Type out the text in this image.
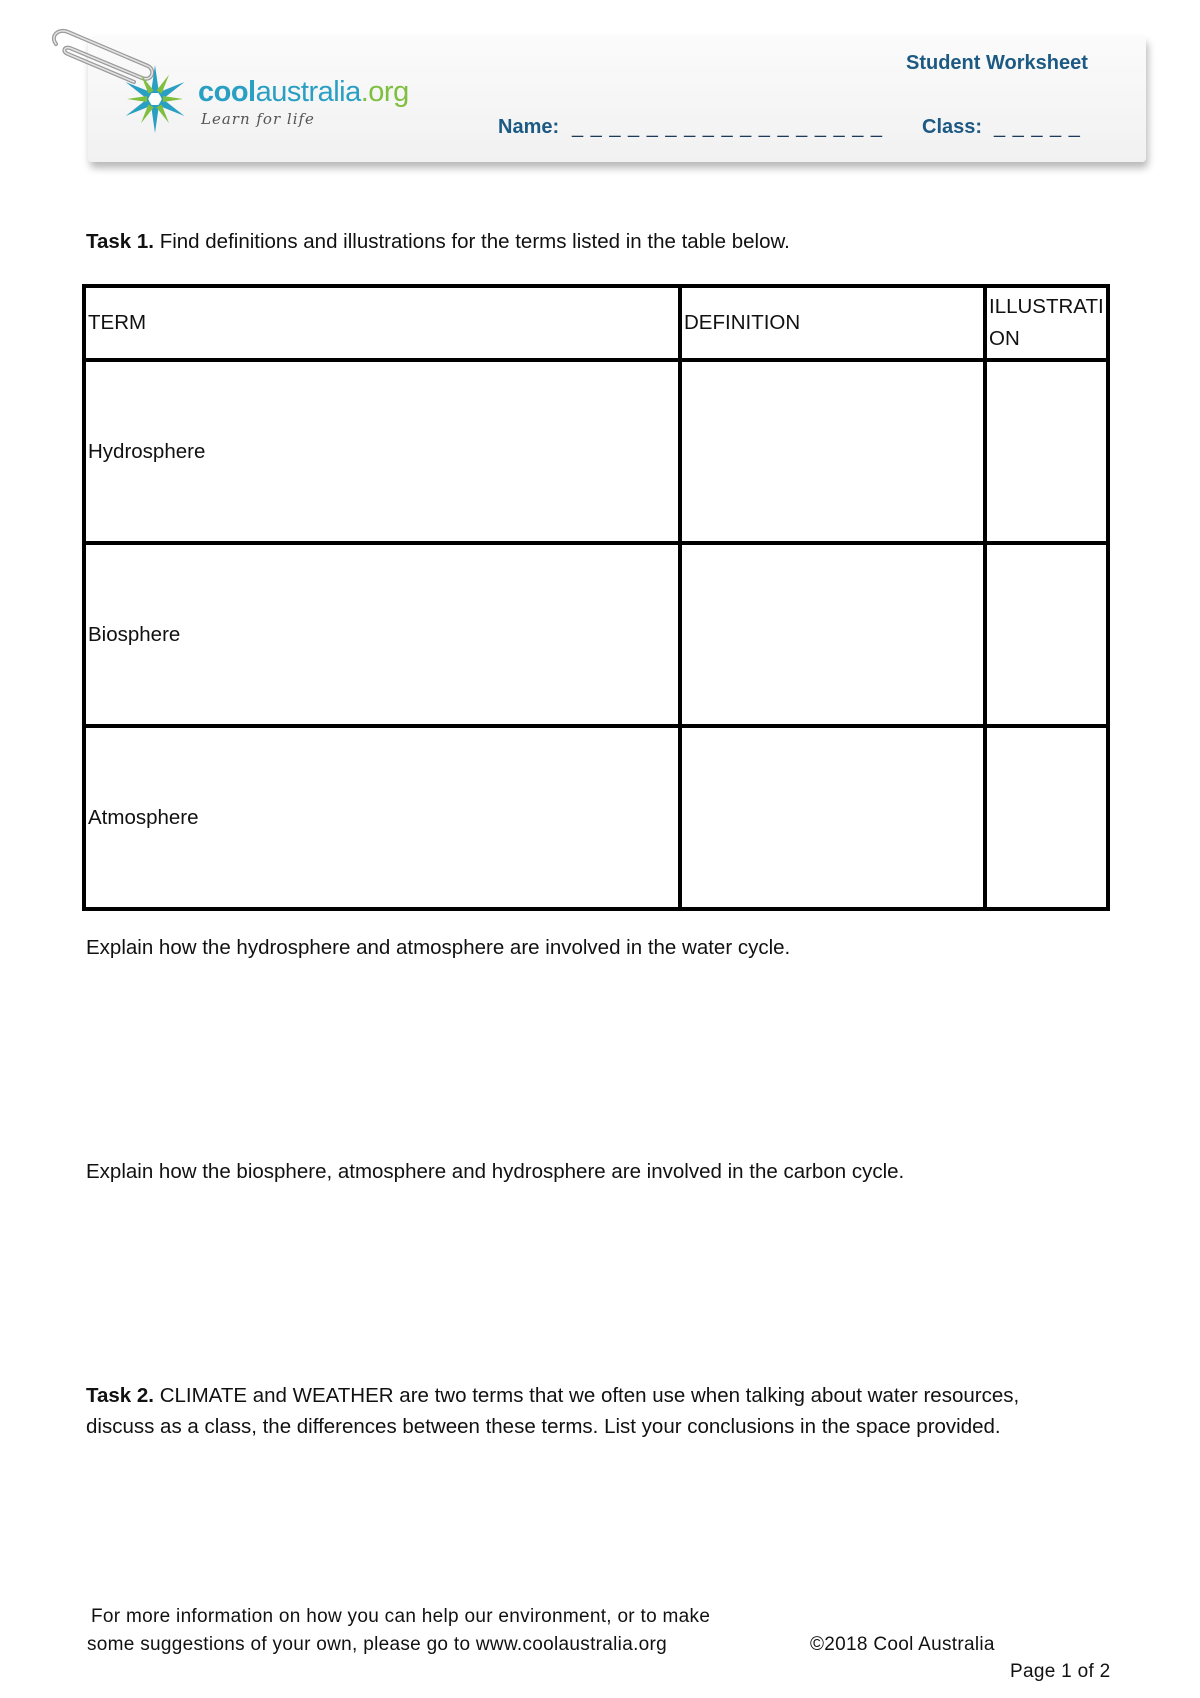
coolaustralia.org
Learn for life
Student Worksheet
Name: _ _ _ _ _ _ _ _ _ _ _ _ _ _ _ _ _ Class: _ _ _ _ _
Task 1. Find definitions and illustrations for the terms listed in the table below.
TERM	DEFINITION	ILLUSTRATION
Hydrosphere		
Biosphere		
Atmosphere		
Explain how the hydrosphere and atmosphere are involved in the water cycle.
Explain how the biosphere, atmosphere and hydrosphere are involved in the carbon cycle.
Task 2. CLIMATE and WEATHER are two terms that we often use when talking about water resources,
discuss as a class, the differences between these terms. List your conclusions in the space provided.
For more information on how you can help our environment, or to make
some suggestions of your own, please go to www.coolaustralia.org	©2018 Cool Australia
Page 1 of 2
